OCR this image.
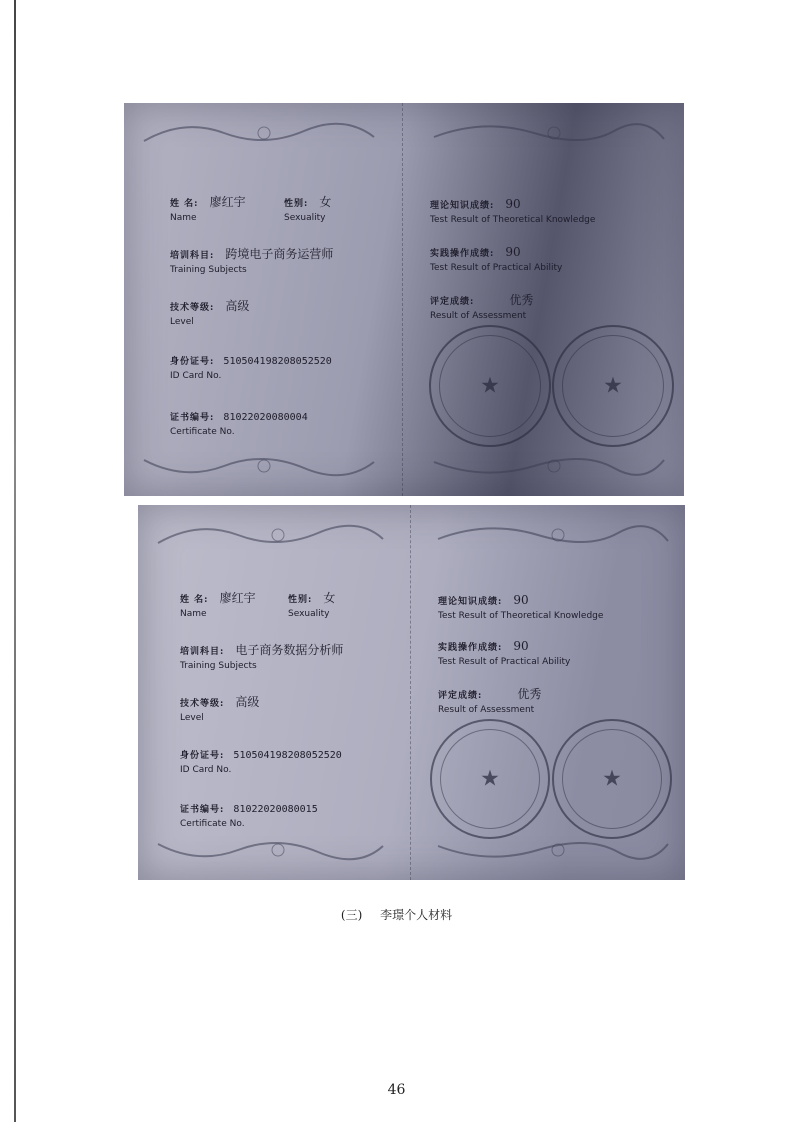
姓 名: 廖红宇
Name
性别: 女
Sexuality
培训科目: 跨境电子商务运营师
Training Subjects
技术等级: 高级
Level
身份证号: 510504198208052520
ID Card No.
证书编号: 81022020080004
Certificate No.
理论知识成绩: 90
Test Result of Theoretical Knowledge
实践操作成绩: 90
Test Result of Practical Ability
评定成绩:	优秀
Result of Assessment
★	★
姓 名: 廖红宇
Name
性别: 女
Sexuality
培训科目: 电子商务数据分析师
Training Subjects
技术等级: 高级
Level
身份证号: 510504198208052520
ID Card No.
证书编号: 81022020080015
Certificate No.
理论知识成绩: 90
Test Result of Theoretical Knowledge
实践操作成绩: 90
Test Result of Practical Ability
评定成绩:	优秀
Result of Assessment
★	★
(三) 李璟个人材料
46
